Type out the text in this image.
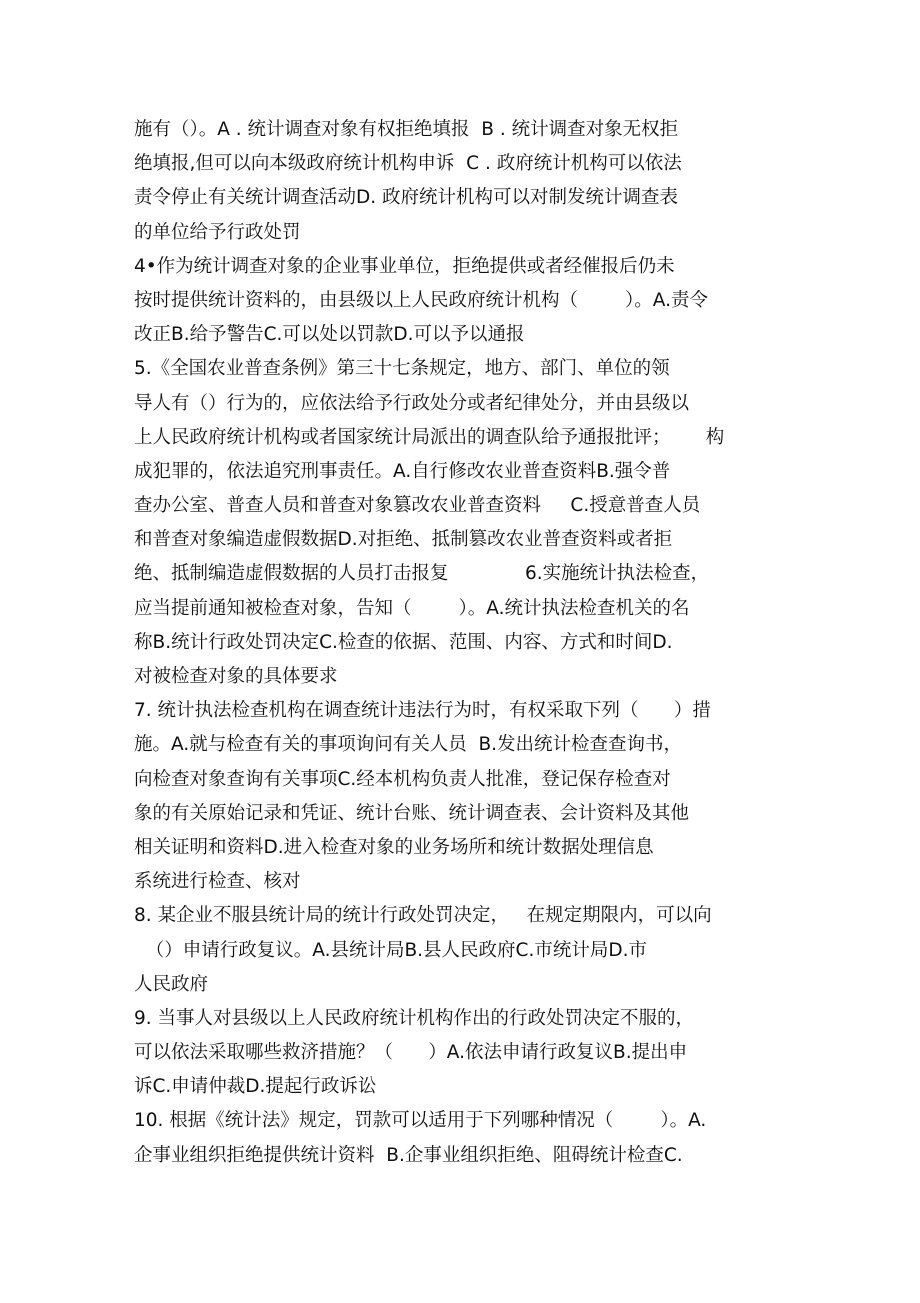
施有（）。A . 统计调查对象有权拒绝填报  B . 统计调查对象无权拒
绝填报,但可以向本级政府统计机构申诉  C . 政府统计机构可以依法
责令停止有关统计调查活动D. 政府统计机构可以对制发统计调查表
的单位给予行政处罚
4•作为统计调查对象的企业事业单位，拒绝提供或者经催报后仍未
按时提供统计资料的，由县级以上人民政府统计机构（        ）。A.责令
改正B.给予警告C.可以处以罚款D.可以予以通报
5.《全国农业普查条例》第三十七条规定，地方、部门、单位的领
导人有（）行为的，应依法给予行政处分或者纪律处分，并由县级以
上人民政府统计机构或者国家统计局派出的调查队给予通报批评；      构
成犯罪的，依法追究刑事责任。A.自行修改农业普查资料B.强令普
查办公室、普查人员和普查对象篡改农业普查资料     C.授意普查人员
和普查对象编造虚假数据D.对拒绝、抵制篡改农业普查资料或者拒
绝、抵制编造虚假数据的人员打击报复             6.实施统计执法检查，
应当提前通知被检查对象，告知（        ）。A.统计执法检查机关的名
称B.统计行政处罚决定C.检查的依据、范围、内容、方式和时间D.
对被检查对象的具体要求
7. 统计执法检查机构在调查统计违法行为时，有权采取下列（      ）措
施。A.就与检查有关的事项询问有关人员  B.发出统计检查查询书，
向检查对象查询有关事项C.经本机构负责人批准，登记保存检查对
象的有关原始记录和凭证、统计台账、统计调查表、会计资料及其他
相关证明和资料D.进入检查对象的业务场所和统计数据处理信息
系统进行检查、核对
8. 某企业不服县统计局的统计行政处罚决定，   在规定期限内，可以向
（）申请行政复议。A.县统计局B.县人民政府C.市统计局D.市
人民政府
9. 当事人对县级以上人民政府统计机构作出的行政处罚决定不服的，
可以依法采取哪些救济措施？（      ）A.依法申请行政复议B.提出申
诉C.申请仲裁D.提起行政诉讼
10. 根据《统计法》规定，罚款可以适用于下列哪种情况（        ）。A.
企事业组织拒绝提供统计资料  B.企事业组织拒绝、阻碍统计检查C.
